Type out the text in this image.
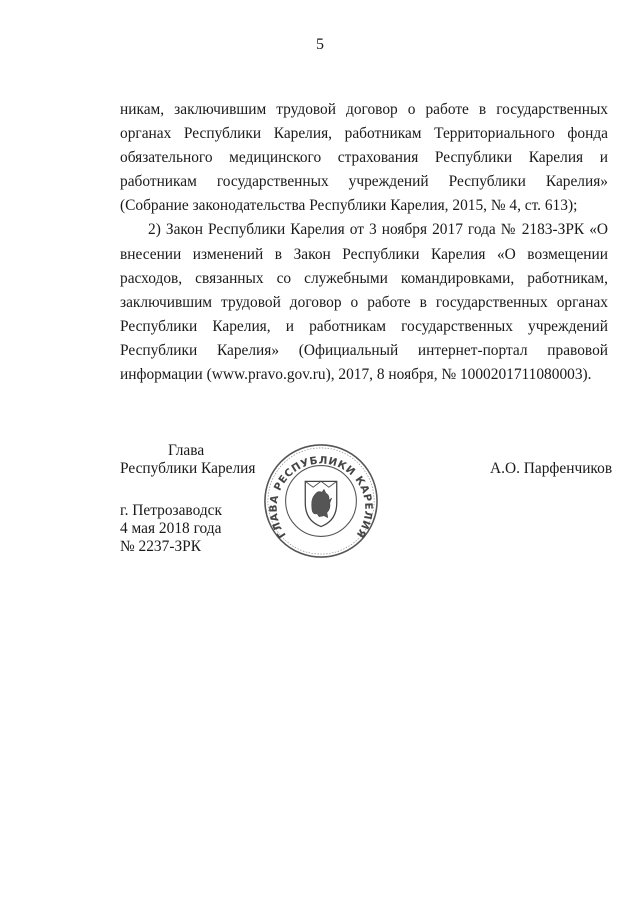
5

никам, заключившим трудовой договор о работе в государственных органах Республики Карелия, работникам Территориального фонда обязательного медицинского страхования Республики Карелия и работникам государственных учреждений Республики Карелия» (Собрание законодательства Республики Карелия, 2015, № 4, ст. 613);

2) Закон Республики Карелия от 3 ноября 2017 года № 2183-ЗРК «О внесении изменений в Закон Республики Карелия «О возмещении расходов, связанных со служебными командировками, работникам, заключившим трудовой договор о работе в государственных органах Республики Карелия, и работникам государственных учреждений Республики Карелия» (Официальный интернет-портал правовой информации (www.pravo.gov.ru), 2017, 8 ноября, № 1000201711080003).

Глава
Республики Карелия
г. Петрозаводск
4 мая 2018 года
№ 2237-ЗРК
А.О. Парфенчиков
ГЛАВА РЕСПУБЛИКИ КАРЕЛИЯ
